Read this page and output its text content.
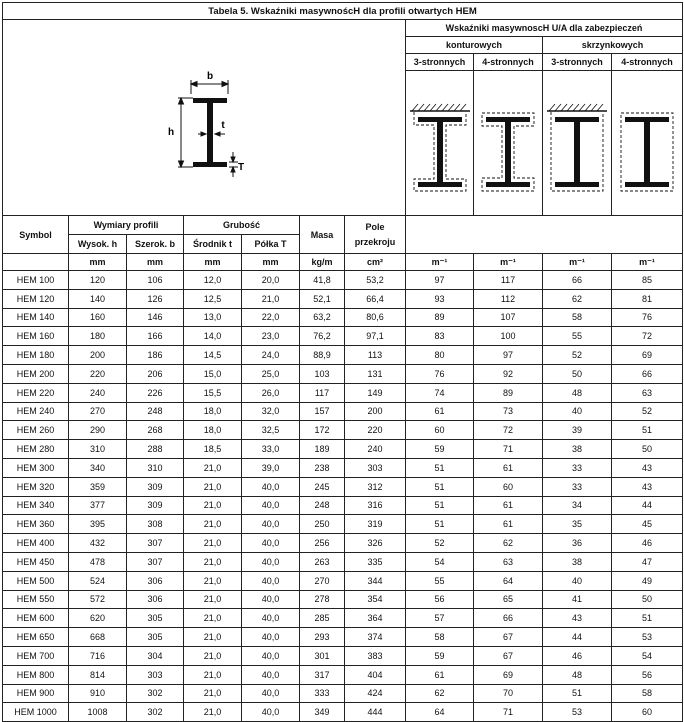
Tabela 5. Wskaźniki masywnoścH dla profili otwartych HEM										

b
h
t
T							Wskaźniki masywnoscH U/A dla zabezpieczeń			
							konturowych		skrzynkowych	
							3-stronnych	4-stronnych	3-stronnych	4-stronnych

Symbol	Wymiary profili		Grubość		Masa	Pole
przekroju				
	Wysok. h	Szerok. b	Środnik t	Półka T						
	mm	mm	mm	mm	kg/m	cm²	m⁻¹	m⁻¹	m⁻¹	m⁻¹
HEM 100	120	106	12,0	20,0	41,8	53,2	97	117	66	85
HEM 120	140	126	12,5	21,0	52,1	66,4	93	112	62	81
HEM 140	160	146	13,0	22,0	63,2	80,6	89	107	58	76
HEM 160	180	166	14,0	23,0	76,2	97,1	83	100	55	72
HEM 180	200	186	14,5	24,0	88,9	113	80	97	52	69
HEM 200	220	206	15,0	25,0	103	131	76	92	50	66
HEM 220	240	226	15,5	26,0	117	149	74	89	48	63
HEM 240	270	248	18,0	32,0	157	200	61	73	40	52
HEM 260	290	268	18,0	32,5	172	220	60	72	39	51
HEM 280	310	288	18,5	33,0	189	240	59	71	38	50
HEM 300	340	310	21,0	39,0	238	303	51	61	33	43
HEM 320	359	309	21,0	40,0	245	312	51	60	33	43
HEM 340	377	309	21,0	40,0	248	316	51	61	34	44
HEM 360	395	308	21,0	40,0	250	319	51	61	35	45
HEM 400	432	307	21,0	40,0	256	326	52	62	36	46
HEM 450	478	307	21,0	40,0	263	335	54	63	38	47
HEM 500	524	306	21,0	40,0	270	344	55	64	40	49
HEM 550	572	306	21,0	40,0	278	354	56	65	41	50
HEM 600	620	305	21,0	40,0	285	364	57	66	43	51
HEM 650	668	305	21,0	40,0	293	374	58	67	44	53
HEM 700	716	304	21,0	40,0	301	383	59	67	46	54
HEM 800	814	303	21,0	40,0	317	404	61	69	48	56
HEM 900	910	302	21,0	40,0	333	424	62	70	51	58
HEM 1000	1008	302	21,0	40,0	349	444	64	71	53	60
